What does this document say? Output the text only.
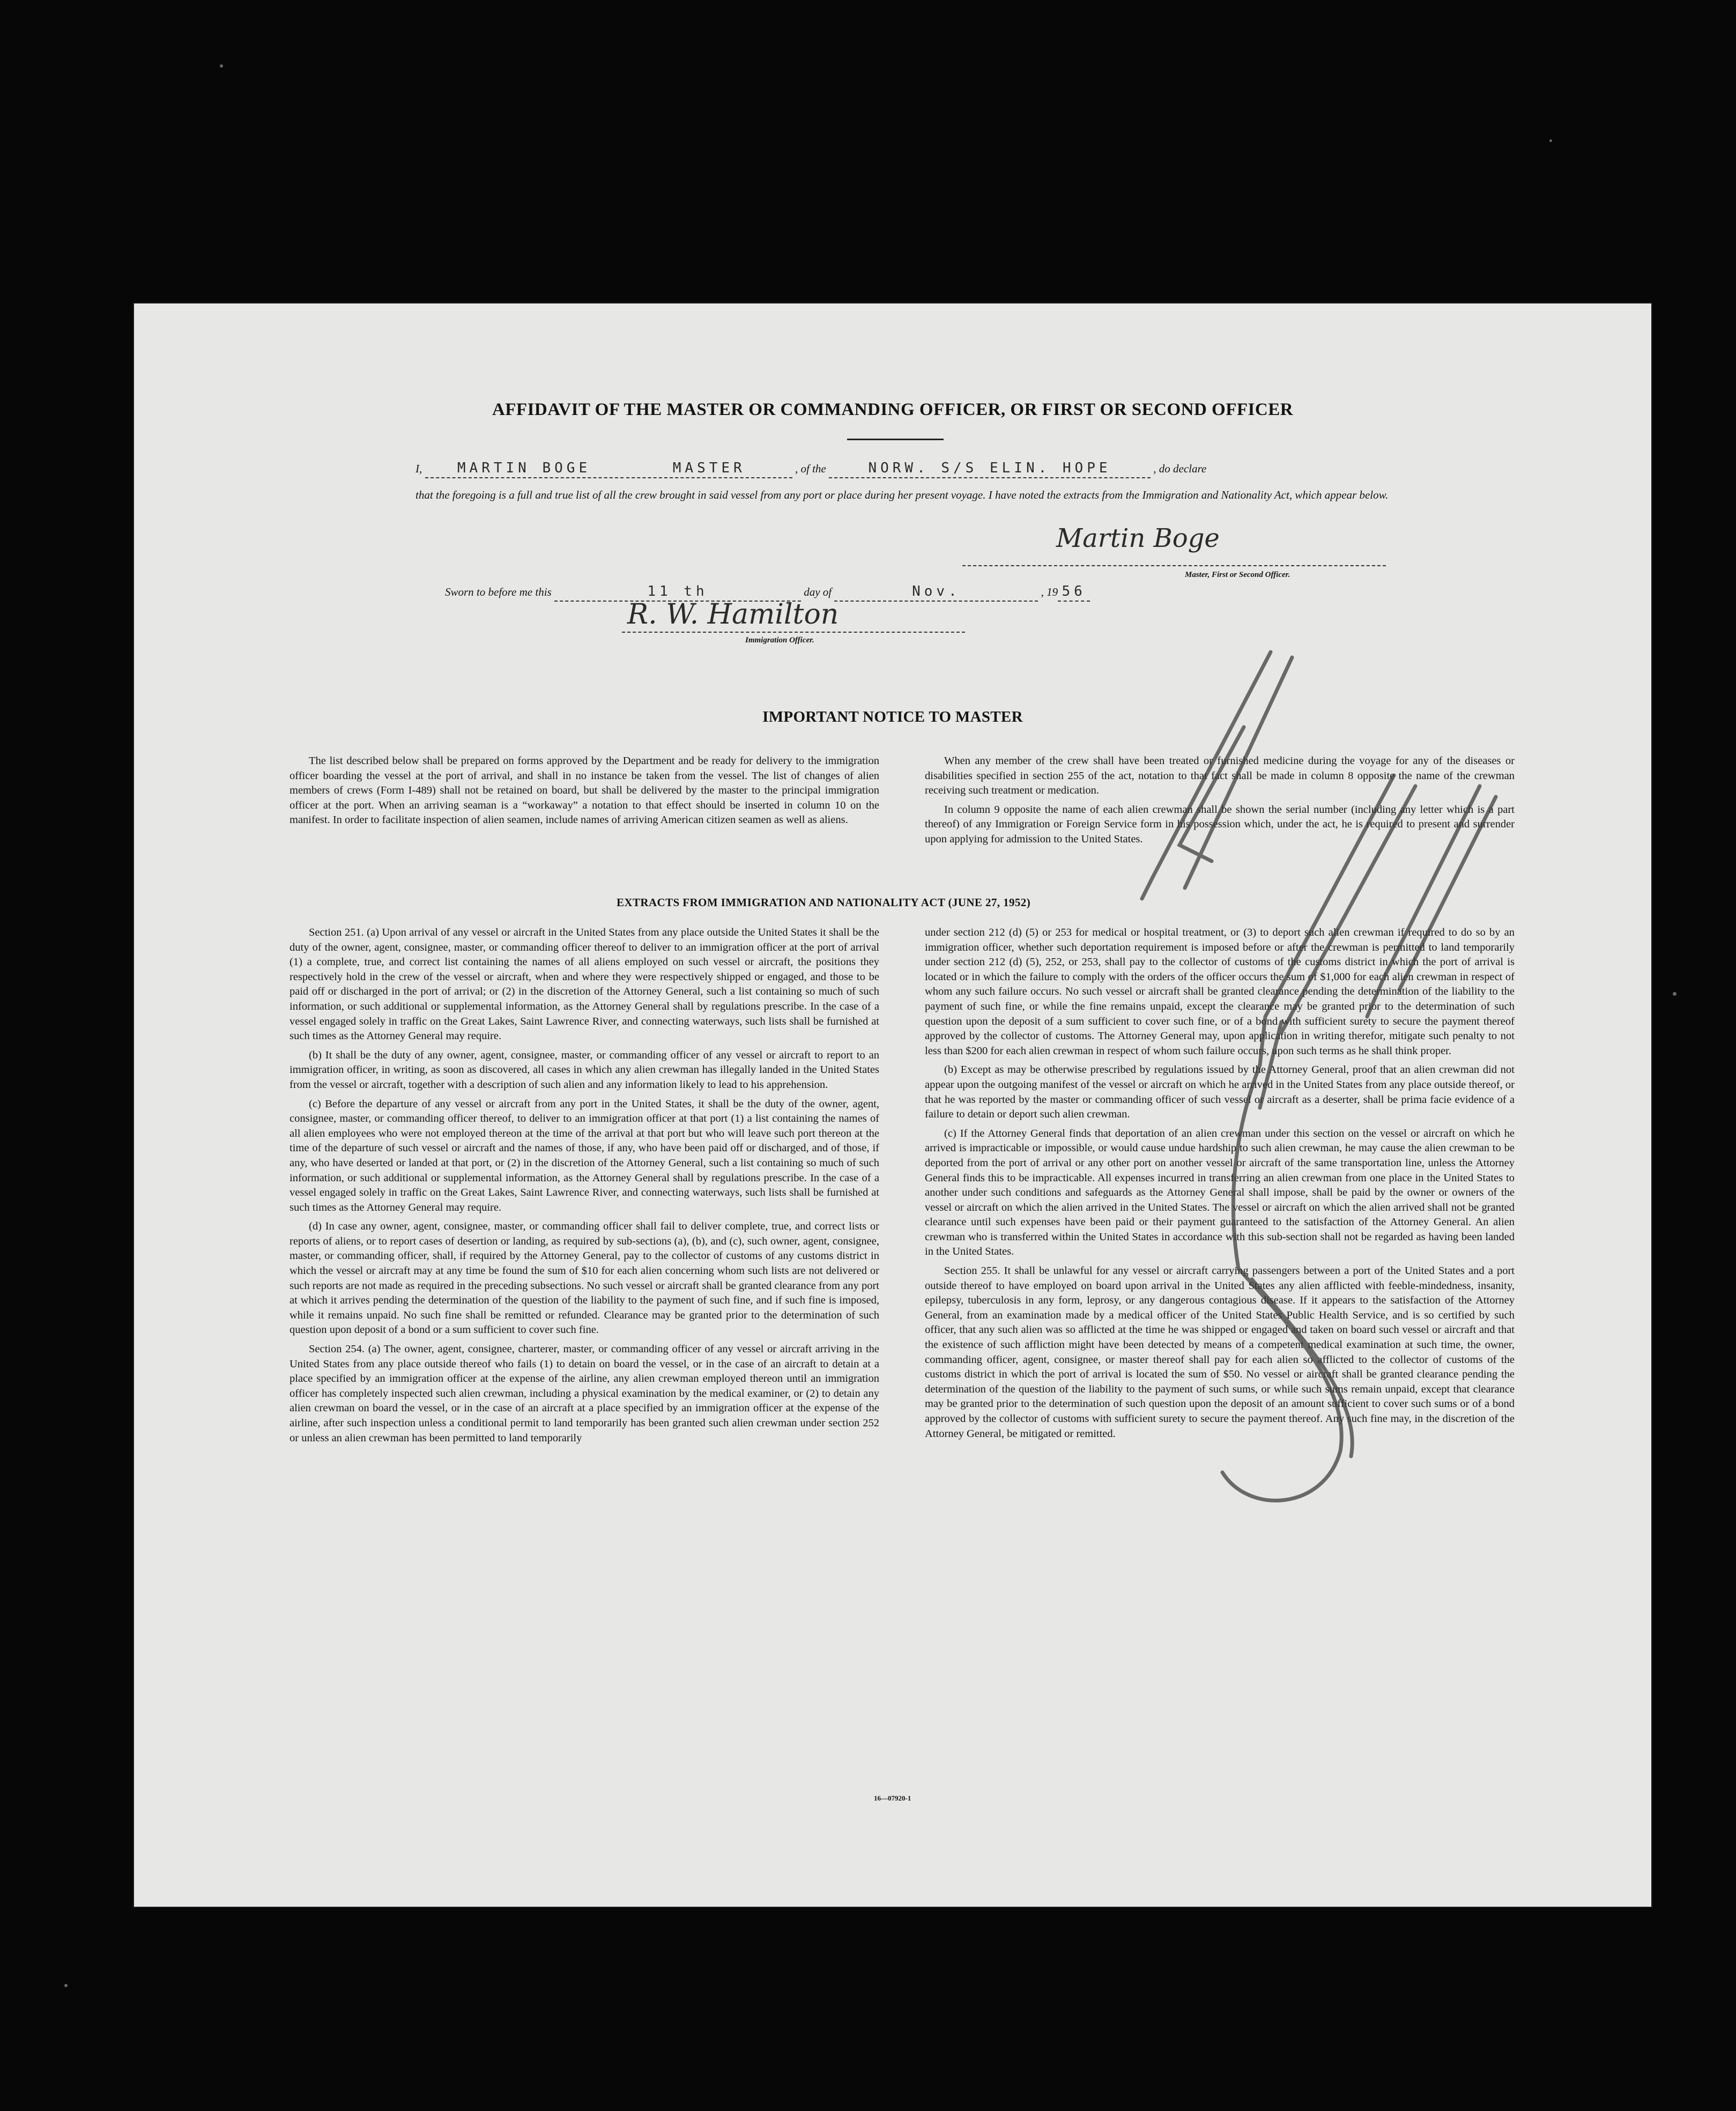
AFFIDAVIT OF THE MASTER OR COMMANDING OFFICER, OR FIRST OR SECOND OFFICER
I,	MARTIN BOGE	MASTER	, of the	NORW. S/S ELIN. HOPE	, do declare
that the foregoing is a full and true list of all the crew brought in said vessel from any port or place during her present voyage. I have noted the extracts from the Immigration and Nationality Act, which appear below.
Martin Boge
Master, First or Second Officer.
Sworn to before me this	11 th	day of	Nov.	, 19 56
R. W. Hamilton
Immigration Officer.
IMPORTANT NOTICE TO MASTER

The list described below shall be prepared on forms approved by the Department and be ready for delivery to the immigration officer boarding the vessel at the port of arrival, and shall in no instance be taken from the vessel. The list of changes of alien members of crews (Form I-489) shall not be retained on board, but shall be delivered by the master to the principal immigration officer at the port. When an arriving seaman is a “workaway” a notation to that effect should be inserted in column 10 on the manifest. In order to facilitate inspection of alien seamen, include names of arriving American citizen seamen as well as aliens.

When any member of the crew shall have been treated or furnished medicine during the voyage for any of the diseases or disabilities specified in section 255 of the act, notation to that fact shall be made in column 8 opposite the name of the crewman receiving such treatment or medication.

In column 9 opposite the name of each alien crewman shall be shown the serial number (including any letter which is a part thereof) of any Immigration or Foreign Service form in his possession which, under the act, he is required to present and surrender upon applying for admission to the United States.

EXTRACTS FROM IMMIGRATION AND NATIONALITY ACT (JUNE 27, 1952)

Section 251. (a) Upon arrival of any vessel or aircraft in the United States from any place outside the United States it shall be the duty of the owner, agent, consignee, master, or commanding officer thereof to deliver to an immigration officer at the port of arrival (1) a complete, true, and correct list containing the names of all aliens employed on such vessel or aircraft, the positions they respectively hold in the crew of the vessel or aircraft, when and where they were respectively shipped or engaged, and those to be paid off or discharged in the port of arrival; or (2) in the discretion of the Attorney General, such a list containing so much of such information, or such additional or supplemental information, as the Attorney General shall by regulations prescribe. In the case of a vessel engaged solely in traffic on the Great Lakes, Saint Lawrence River, and connecting waterways, such lists shall be furnished at such times as the Attorney General may require.

(b) It shall be the duty of any owner, agent, consignee, master, or commanding officer of any vessel or aircraft to report to an immigration officer, in writing, as soon as discovered, all cases in which any alien crewman has illegally landed in the United States from the vessel or aircraft, together with a description of such alien and any information likely to lead to his apprehension.

(c) Before the departure of any vessel or aircraft from any port in the United States, it shall be the duty of the owner, agent, consignee, master, or commanding officer thereof, to deliver to an immigration officer at that port (1) a list containing the names of all alien employees who were not employed thereon at the time of the arrival at that port but who will leave such port thereon at the time of the departure of such vessel or aircraft and the names of those, if any, who have been paid off or discharged, and of those, if any, who have deserted or landed at that port, or (2) in the discretion of the Attorney General, such a list containing so much of such information, or such additional or supplemental information, as the Attorney General shall by regulations prescribe. In the case of a vessel engaged solely in traffic on the Great Lakes, Saint Lawrence River, and connecting waterways, such lists shall be furnished at such times as the Attorney General may require.

(d) In case any owner, agent, consignee, master, or commanding officer shall fail to deliver complete, true, and correct lists or reports of aliens, or to report cases of desertion or landing, as required by sub-sections (a), (b), and (c), such owner, agent, consignee, master, or commanding officer, shall, if required by the Attorney General, pay to the collector of customs of any customs district in which the vessel or aircraft may at any time be found the sum of $10 for each alien concerning whom such lists are not delivered or such reports are not made as required in the preceding subsections. No such vessel or aircraft shall be granted clearance from any port at which it arrives pending the determination of the question of the liability to the payment of such fine, and if such fine is imposed, while it remains unpaid. No such fine shall be remitted or refunded. Clearance may be granted prior to the determination of such question upon deposit of a bond or a sum sufficient to cover such fine.

Section 254. (a) The owner, agent, consignee, charterer, master, or commanding officer of any vessel or aircraft arriving in the United States from any place outside thereof who fails (1) to detain on board the vessel, or in the case of an aircraft to detain at a place specified by an immigration officer at the expense of the airline, any alien crewman employed thereon until an immigration officer has completely inspected such alien crewman, including a physical examination by the medical examiner, or (2) to detain any alien crewman on board the vessel, or in the case of an aircraft at a place specified by an immigration officer at the expense of the airline, after such inspection unless a conditional permit to land temporarily has been granted such alien crewman under section 252 or unless an alien crewman has been permitted to land temporarily

under section 212 (d) (5) or 253 for medical or hospital treatment, or (3) to deport such alien crewman if required to do so by an immigration officer, whether such deportation requirement is imposed before or after the crewman is permitted to land temporarily under section 212 (d) (5), 252, or 253, shall pay to the collector of customs of the customs district in which the port of arrival is located or in which the failure to comply with the orders of the officer occurs the sum of $1,000 for each alien crewman in respect of whom any such failure occurs. No such vessel or aircraft shall be granted clearance pending the determination of the liability to the payment of such fine, or while the fine remains unpaid, except the clearance may be granted prior to the determination of such question upon the deposit of a sum sufficient to cover such fine, or of a bond with sufficient surety to secure the payment thereof approved by the collector of customs. The Attorney General may, upon application in writing therefor, mitigate such penalty to not less than $200 for each alien crewman in respect of whom such failure occurs, upon such terms as he shall think proper.

(b) Except as may be otherwise prescribed by regulations issued by the Attorney General, proof that an alien crewman did not appear upon the outgoing manifest of the vessel or aircraft on which he arrived in the United States from any place outside thereof, or that he was reported by the master or commanding officer of such vessel or aircraft as a deserter, shall be prima facie evidence of a failure to detain or deport such alien crewman.

(c) If the Attorney General finds that deportation of an alien crewman under this section on the vessel or aircraft on which he arrived is impracticable or impossible, or would cause undue hardship to such alien crewman, he may cause the alien crewman to be deported from the port of arrival or any other port on another vessel or aircraft of the same transportation line, unless the Attorney General finds this to be impracticable. All expenses incurred in transferring an alien crewman from one place in the United States to another under such conditions and safeguards as the Attorney General shall impose, shall be paid by the owner or owners of the vessel or aircraft on which the alien arrived in the United States. The vessel or aircraft on which the alien arrived shall not be granted clearance until such expenses have been paid or their payment guaranteed to the satisfaction of the Attorney General. An alien crewman who is transferred within the United States in accordance with this sub-section shall not be regarded as having been landed in the United States.

Section 255. It shall be unlawful for any vessel or aircraft carrying passengers between a port of the United States and a port outside thereof to have employed on board upon arrival in the United States any alien afflicted with feeble-mindedness, insanity, epilepsy, tuberculosis in any form, leprosy, or any dangerous contagious disease. If it appears to the satisfaction of the Attorney General, from an examination made by a medical officer of the United States Public Health Service, and is so certified by such officer, that any such alien was so afflicted at the time he was shipped or engaged and taken on board such vessel or aircraft and that the existence of such affliction might have been detected by means of a competent medical examination at such time, the owner, commanding officer, agent, consignee, or master thereof shall pay for each alien so afflicted to the collector of customs of the customs district in which the port of arrival is located the sum of $50. No vessel or aircraft shall be granted clearance pending the determination of the question of the liability to the payment of such sums, or while such sums remain unpaid, except that clearance may be granted prior to the determination of such question upon the deposit of an amount sufficient to cover such sums or of a bond approved by the collector of customs with sufficient surety to secure the payment thereof. Any such fine may, in the discretion of the Attorney General, be mitigated or remitted.

16—07920-1
